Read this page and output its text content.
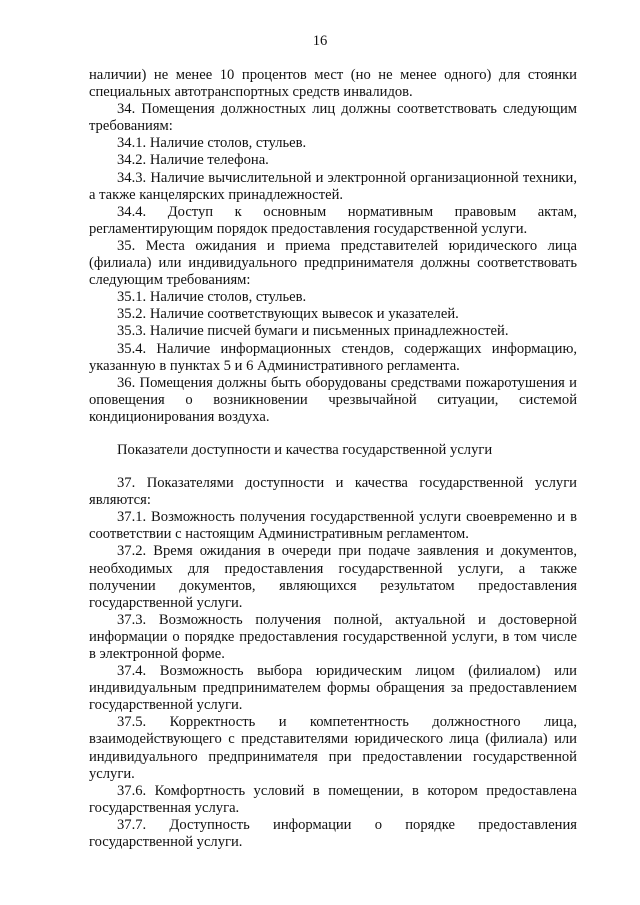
16

наличии) не менее 10 процентов мест (но не менее одного) для стоянки специальных автотранспортных средств инвалидов.

34. Помещения должностных лиц должны соответствовать следующим требованиям:

34.1. Наличие столов, стульев.

34.2. Наличие телефона.

34.3. Наличие вычислительной и электронной организационной техники, а также канцелярских принадлежностей.

34.4. Доступ к основным нормативным правовым актам, регламентирующим порядок предоставления государственной услуги.

35. Места ожидания и приема представителей юридического лица (филиала) или индивидуального предпринимателя должны соответствовать следующим требованиям:

35.1. Наличие столов, стульев.

35.2. Наличие соответствующих вывесок и указателей.

35.3. Наличие писчей бумаги и письменных принадлежностей.

35.4. Наличие информационных стендов, содержащих информацию, указанную в пунктах 5 и 6 Административного регламента.

36. Помещения должны быть оборудованы средствами пожаротушения и оповещения о возникновении чрезвычайной ситуации, системой кондиционирования воздуха.

Показатели доступности и качества государственной услуги

37. Показателями доступности и качества государственной услуги являются:

37.1. Возможность получения государственной услуги своевременно и в соответствии с настоящим Административным регламентом.

37.2. Время ожидания в очереди при подаче заявления и документов, необходимых для предоставления государственной услуги, а также получении документов, являющихся результатом предоставления государственной услуги.

37.3. Возможность получения полной, актуальной и достоверной информации о порядке предоставления государственной услуги, в том числе в электронной форме.

37.4. Возможность выбора юридическим лицом (филиалом) или индивидуальным предпринимателем формы обращения за предоставлением государственной услуги.

37.5. Корректность и компетентность должностного лица, взаимодействующего с представителями юридического лица (филиала) или индивидуального предпринимателя при предоставлении государственной услуги.

37.6. Комфортность условий в помещении, в котором предоставлена государственная услуга.

37.7. Доступность информации о порядке предоставления государственной услуги.
